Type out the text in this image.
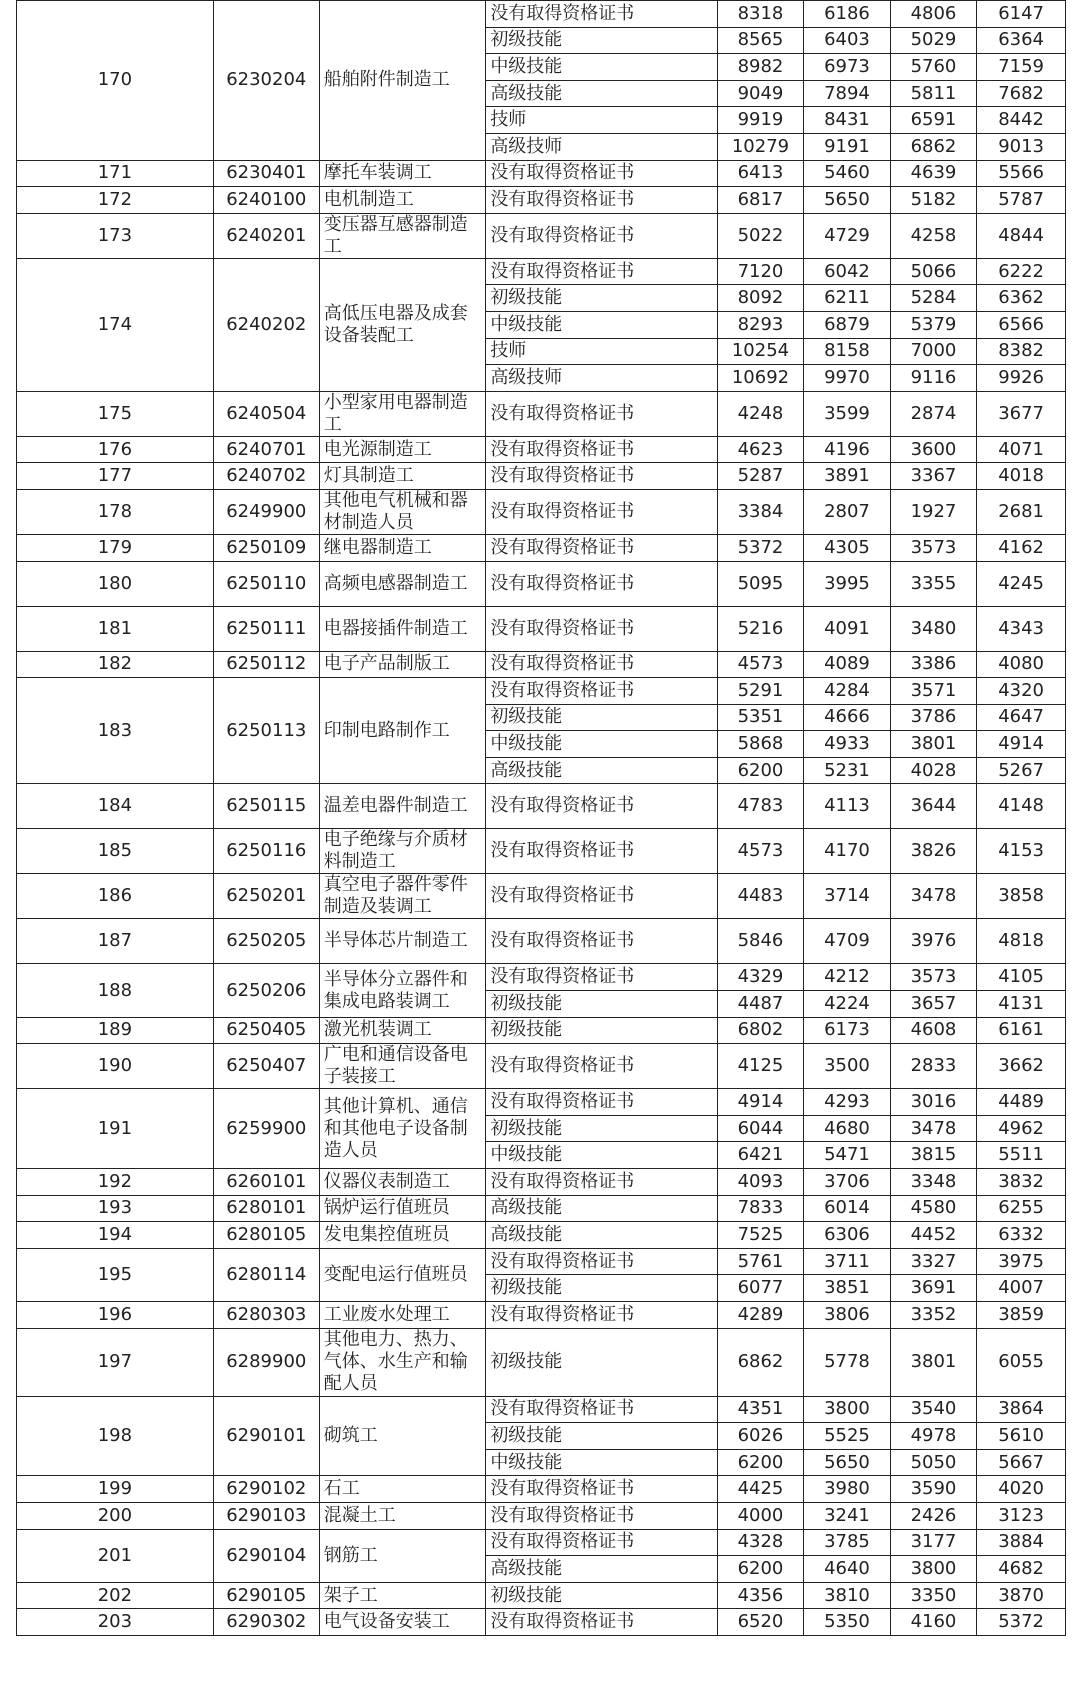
170	6230204	船舶附件制造工	没有取得资格证书	8318	6186	4806	6147
			初级技能	8565	6403	5029	6364
			中级技能	8982	6973	5760	7159
			高级技能	9049	7894	5811	7682
			技师	9919	8431	6591	8442
			高级技师	10279	9191	6862	9013
171	6230401	摩托车装调工	没有取得资格证书	6413	5460	4639	5566
172	6240100	电机制造工	没有取得资格证书	6817	5650	5182	5787
173	6240201	变压器互感器制造工	没有取得资格证书	5022	4729	4258	4844
174	6240202	高低压电器及成套设备装配工	没有取得资格证书	7120	6042	5066	6222
			初级技能	8092	6211	5284	6362
			中级技能	8293	6879	5379	6566
			技师	10254	8158	7000	8382
			高级技师	10692	9970	9116	9926
175	6240504	小型家用电器制造工	没有取得资格证书	4248	3599	2874	3677
176	6240701	电光源制造工	没有取得资格证书	4623	4196	3600	4071
177	6240702	灯具制造工	没有取得资格证书	5287	3891	3367	4018
178	6249900	其他电气机械和器材制造人员	没有取得资格证书	3384	2807	1927	2681
179	6250109	继电器制造工	没有取得资格证书	5372	4305	3573	4162
180	6250110	高频电感器制造工	没有取得资格证书	5095	3995	3355	4245
181	6250111	电器接插件制造工	没有取得资格证书	5216	4091	3480	4343
182	6250112	电子产品制版工	没有取得资格证书	4573	4089	3386	4080
183	6250113	印制电路制作工	没有取得资格证书	5291	4284	3571	4320
			初级技能	5351	4666	3786	4647
			中级技能	5868	4933	3801	4914
			高级技能	6200	5231	4028	5267
184	6250115	温差电器件制造工	没有取得资格证书	4783	4113	3644	4148
185	6250116	电子绝缘与介质材料制造工	没有取得资格证书	4573	4170	3826	4153
186	6250201	真空电子器件零件制造及装调工	没有取得资格证书	4483	3714	3478	3858
187	6250205	半导体芯片制造工	没有取得资格证书	5846	4709	3976	4818
188	6250206	半导体分立器件和集成电路装调工	没有取得资格证书	4329	4212	3573	4105
			初级技能	4487	4224	3657	4131
189	6250405	激光机装调工	初级技能	6802	6173	4608	6161
190	6250407	广电和通信设备电子装接工	没有取得资格证书	4125	3500	2833	3662
191	6259900	其他计算机、通信和其他电子设备制造人员	没有取得资格证书	4914	4293	3016	4489
			初级技能	6044	4680	3478	4962
			中级技能	6421	5471	3815	5511
192	6260101	仪器仪表制造工	没有取得资格证书	4093	3706	3348	3832
193	6280101	锅炉运行值班员	高级技能	7833	6014	4580	6255
194	6280105	发电集控值班员	高级技能	7525	6306	4452	6332
195	6280114	变配电运行值班员	没有取得资格证书	5761	3711	3327	3975
			初级技能	6077	3851	3691	4007
196	6280303	工业废水处理工	没有取得资格证书	4289	3806	3352	3859
197	6289900	其他电力、热力、气体、水生产和输配人员	初级技能	6862	5778	3801	6055
198	6290101	砌筑工	没有取得资格证书	4351	3800	3540	3864
			初级技能	6026	5525	4978	5610
			中级技能	6200	5650	5050	5667
199	6290102	石工	没有取得资格证书	4425	3980	3590	4020
200	6290103	混凝土工	没有取得资格证书	4000	3241	2426	3123
201	6290104	钢筋工	没有取得资格证书	4328	3785	3177	3884
			高级技能	6200	4640	3800	4682
202	6290105	架子工	初级技能	4356	3810	3350	3870
203	6290302	电气设备安装工	没有取得资格证书	6520	5350	4160	5372
